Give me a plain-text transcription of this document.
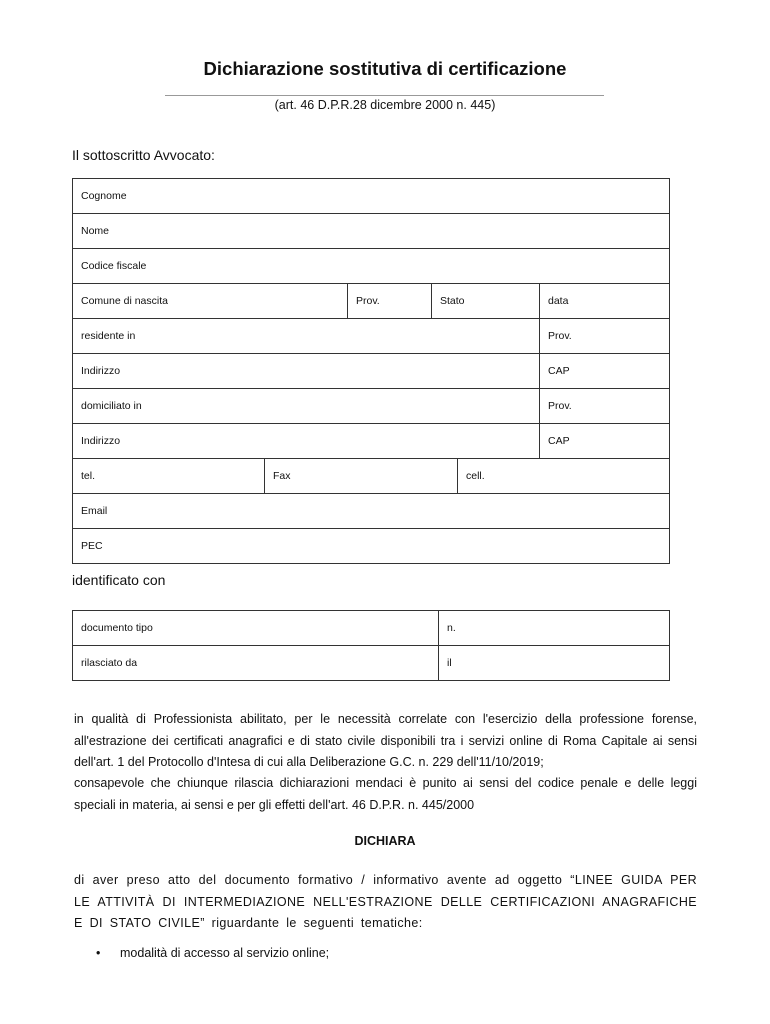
Dichiarazione sostitutiva di certificazione
(art. 46 D.P.R.28 dicembre 2000 n. 445)
Il sottoscritto Avvocato:
Cognome					
Nome					
Codice fiscale					
Comune di nascita		Prov.	Stato		data
residente in					Prov.
Indirizzo					CAP
domiciliato in					Prov.
Indirizzo					CAP
tel.	Fax			cell.	
Email					
PEC					
identificato con
documento tipo	n.
rilasciato da	il

in qualità di Professionista abilitato, per le necessità correlate con l'esercizio della professione forense, all'estrazione dei certificati anagrafici e di stato civile disponibili tra i servizi online di Roma Capitale ai sensi dell'art. 1 del Protocollo d'Intesa di cui alla Deliberazione G.C. n. 229 dell'11/10/2019;

consapevole che chiunque rilascia dichiarazioni mendaci è punito ai sensi del codice penale e delle leggi speciali in materia, ai sensi e per gli effetti dell'art. 46 D.P.R. n. 445/2000

DICHIARA

di aver preso atto del documento formativo / informativo avente ad oggetto “LINEE GUIDA PER LE ATTIVITÀ DI INTERMEDIAZIONE NELL'ESTRAZIONE DELLE CERTIFICAZIONI ANAGRAFICHE E DI STATO CIVILE” riguardante le seguenti tematiche:

• modalità di accesso al servizio online;
